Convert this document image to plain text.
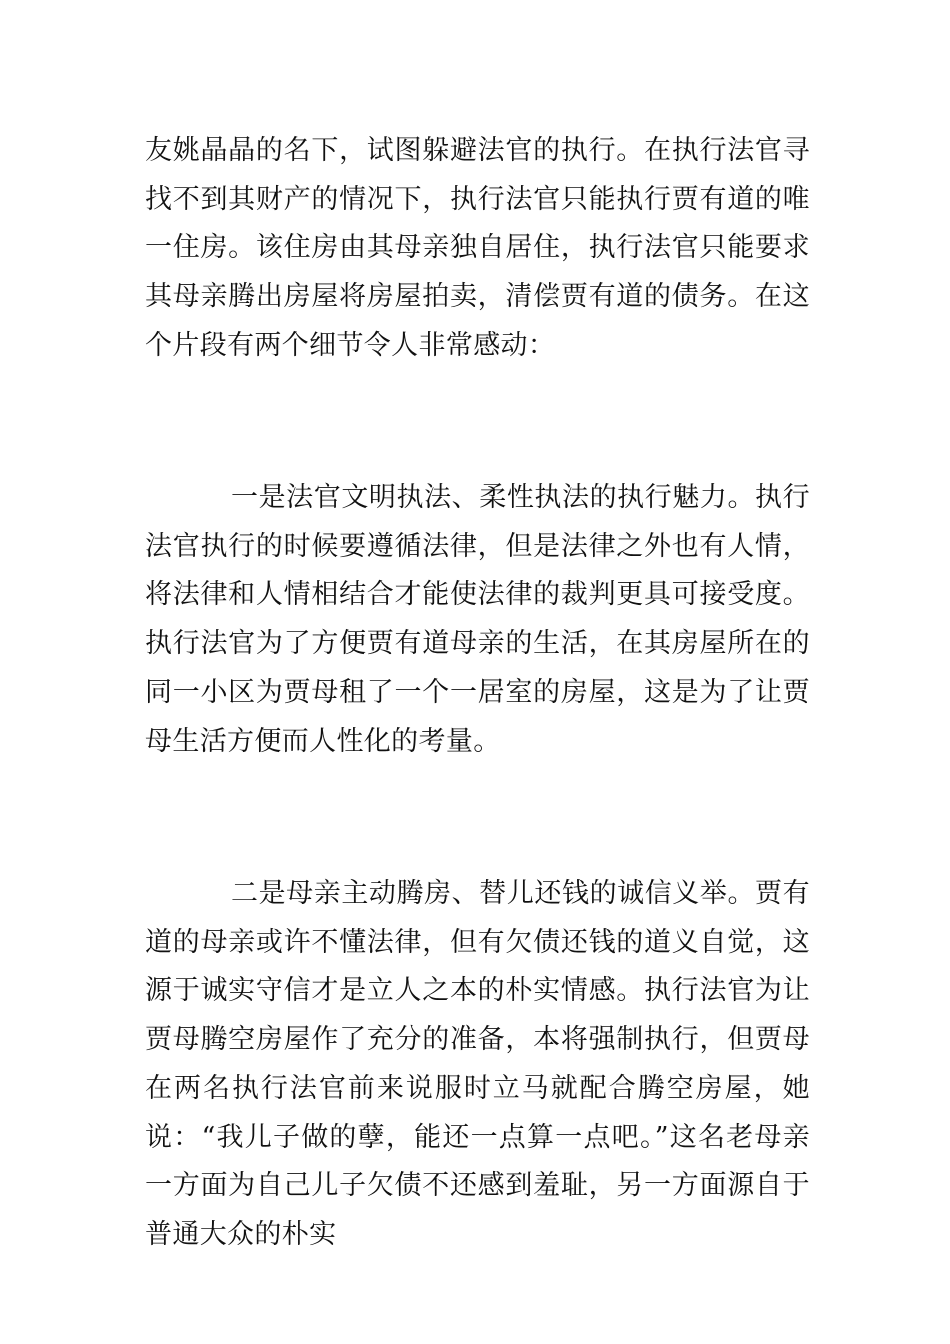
友姚晶晶的名下，试图躲避法官的执行。在执行法官寻找不到其财产的情况下，执行法官只能执行贾有道的唯一住房。该住房由其母亲独自居住，执行法官只能要求其母亲腾出房屋将房屋拍卖，清偿贾有道的债务。在这个片段有两个细节令人非常感动：

一是法官文明执法、柔性执法的执行魅力。执行法官执行的时候要遵循法律，但是法律之外也有人情，将法律和人情相结合才能使法律的裁判更具可接受度。执行法官为了方便贾有道母亲的生活，在其房屋所在的同一小区为贾母租了一个一居室的房屋，这是为了让贾母生活方便而人性化的考量。

二是母亲主动腾房、替儿还钱的诚信义举。贾有道的母亲或许不懂法律，但有欠债还钱的道义自觉，这源于诚实守信才是立人之本的朴实情感。执行法官为让贾母腾空房屋作了充分的准备，本将强制执行，但贾母在两名执行法官前来说服时立马就配合腾空房屋，她说：“我儿子做的孽，能还一点算一点吧。”这名老母亲一方面为自己儿子欠债不还感到羞耻，另一方面源自于普通大众的朴实
